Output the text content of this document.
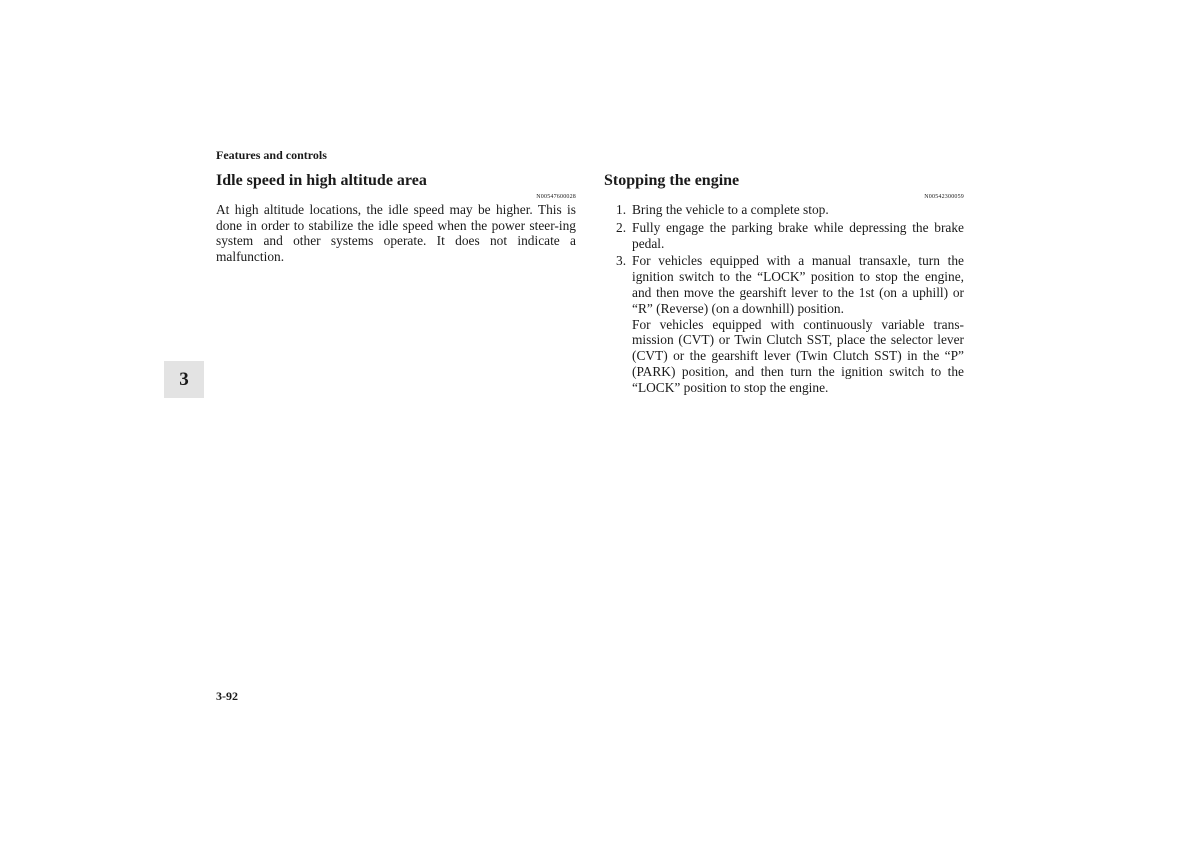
Features and controls
Idle speed in high altitude area
N00547600028

At high altitude locations, the idle speed may be higher. This is done in order to stabilize the idle speed when the power steer-ing system and other systems operate. It does not indicate a malfunction.

Stopping the engine
N00542300059
1. Bring the vehicle to a complete stop.
2. Fully engage the parking brake while depressing the brake pedal.
3. For vehicles equipped with a manual transaxle, turn the ignition switch to the “LOCK” position to stop the engine, and then move the gearshift lever to the 1st (on a uphill) or “R” (Reverse) (on a downhill) position.
For vehicles equipped with continuously variable trans-mission (CVT) or Twin Clutch SST, place the selector lever (CVT) or the gearshift lever (Twin Clutch SST) in the “P” (PARK) position, and then turn the ignition switch to the “LOCK” position to stop the engine.
3
3-92
